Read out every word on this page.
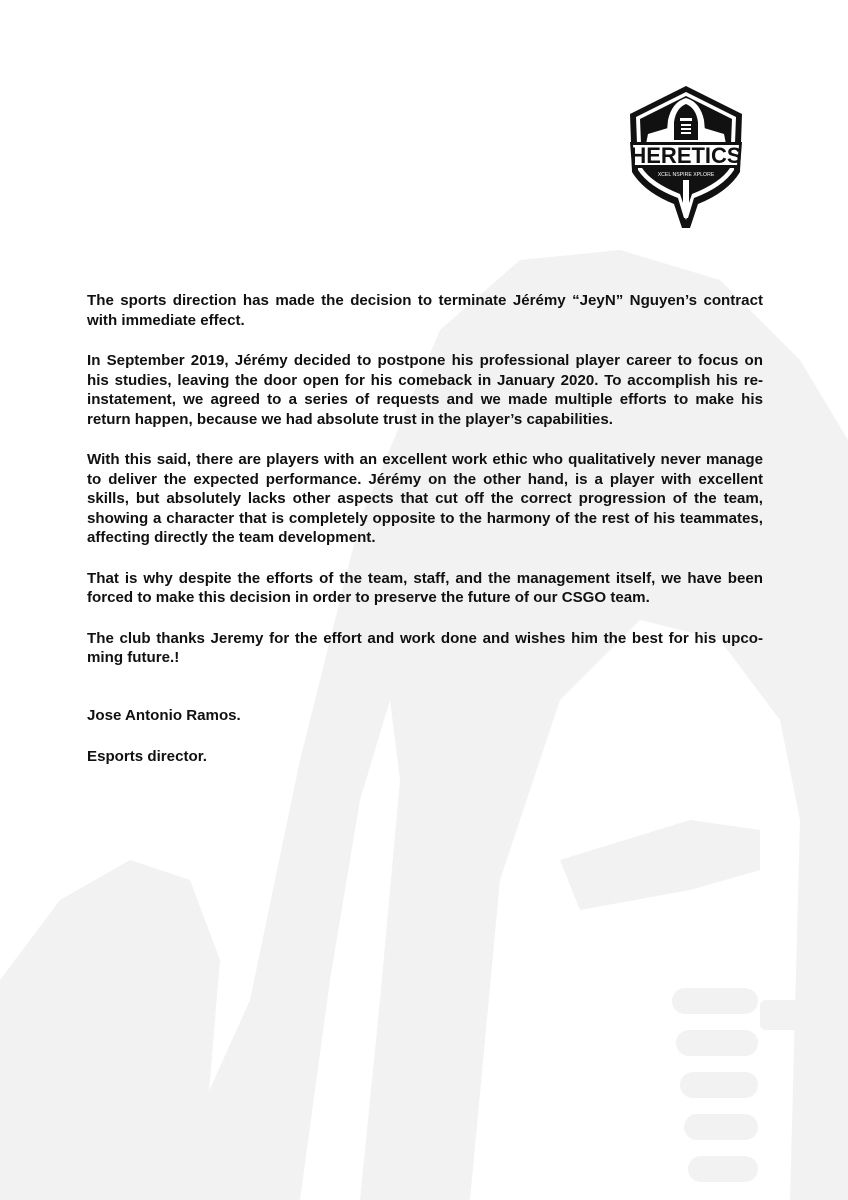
HERETICS
XCEL NSPIRE XPLORE

The sports direction has made the decision to terminate Jérémy “JeyN” Nguyen’s contract with immediate effect.

In September 2019, Jérémy decided to postpone his professional player career to focus on his studies, leaving the door open for his comeback in January 2020. To accomplish his re-instatement, we agreed to a series of requests and we made multiple efforts to make his return happen, because we had absolute trust in the player’s capabilities.

With this said, there are players with an excellent work ethic who qualitatively never manage to deliver the expected performance. Jérémy on the other hand, is a player with excellent skills, but absolutely lacks other aspects that cut off the correct progression of the team, showing a character that is completely opposite to the harmony of the rest of his teammates, affecting directly the team development.

That is why despite the efforts of the team, staff, and the management itself, we have been forced to make this decision in order to preserve the future of our CSGO team.

The club thanks Jeremy for the effort and work done and wishes him the best for his upco-ming future.!

Jose Antonio Ramos.

Esports director.
